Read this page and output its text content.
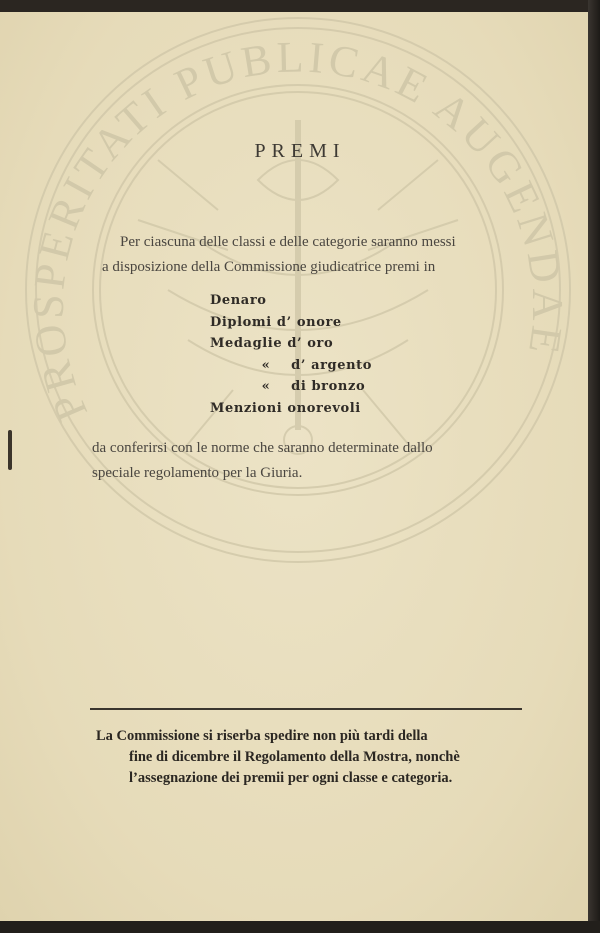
PROSPERITATI PUBLICAE AUGENDAE
PREMI
Per ciascuna delle classi e delle categorie saranno messi
a disposizione della Commissione giudicatrice premi in
Denaro
Diplomi d’ onore
Medaglie d’ oro
« d’ argento
« di bronzo
Menzioni onorevoli
da conferirsi con le norme che saranno determinate dallo
speciale regolamento per la Giuria.
La Commissione si riserba spedire non più tardi della
fine di dicembre il Regolamento della Mostra, nonchè
l’assegnazione dei premii per ogni classe e categoria.
